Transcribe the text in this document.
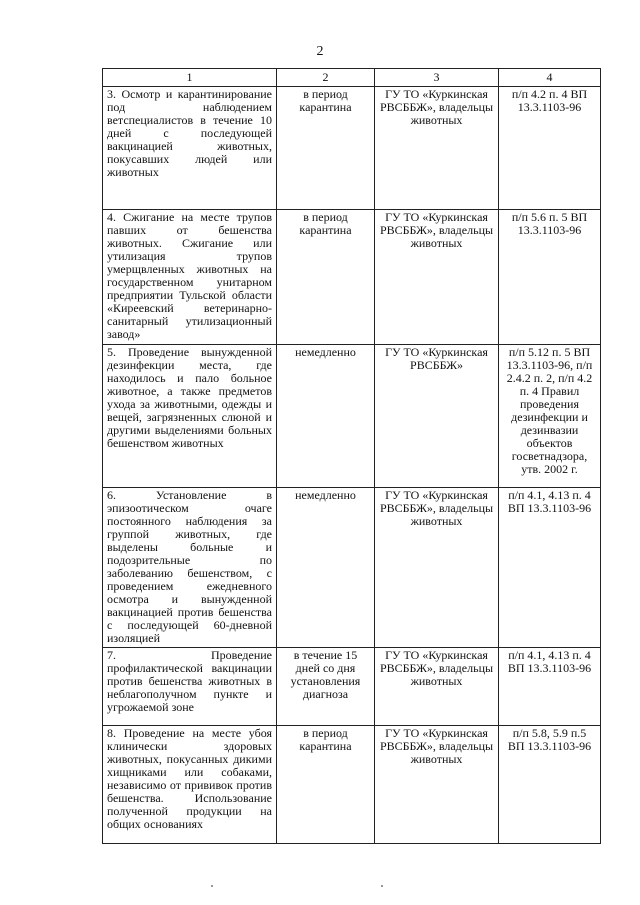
2
1	2	3	4
3. Осмотр и карантинирование под наблюдением ветспециалистов в течение 10 дней с последующей вакцинацией животных, покусавших людей или животных	в период карантина	ГУ ТО «Куркинская РВСББЖ», владельцы животных	п/п 4.2 п. 4 ВП 13.3.1103-96
4. Сжигание на месте трупов павших от бешенства животных. Сжигание или утилизация трупов умерщвленных животных на государственном унитарном предприятии Тульской области «Киреевский ветеринарно-санитарный утилизационный завод»	в период карантина	ГУ ТО «Куркинская РВСББЖ», владельцы животных	п/п 5.6 п. 5 ВП 13.3.1103-96
5. Проведение вынужденной дезинфекции места, где находилось и пало больное животное, а также предметов ухода за животными, одежды и вещей, загрязненных слюной и другими выделениями больных бешенством животных	немедленно	ГУ ТО «Куркинская РВСББЖ»	п/п 5.12 п. 5 ВП 13.3.1103-96, п/п 2.4.2 п. 2, п/п 4.2 п. 4 Правил проведения дезинфекции и дезинвазии объектов госветнадзора, утв. 2002 г.
6. Установление в эпизоотическом очаге постоянного наблюдения за группой животных, где выделены больные и подозрительные по заболеванию бешенством, с проведением ежедневного осмотра и вынужденной вакцинацией против бешенства с последующей 60-дневной изоляцией	немедленно	ГУ ТО «Куркинская РВСББЖ», владельцы животных	п/п 4.1, 4.13 п. 4 ВП 13.3.1103-96
7. Проведение профилактической вакцинации против бешенства животных в неблагополучном пункте и угрожаемой зоне	в течение 15 дней со дня установления диагноза	ГУ ТО «Куркинская РВСББЖ», владельцы животных	п/п 4.1, 4.13 п. 4 ВП 13.3.1103-96
8. Проведение на месте убоя клинически здоровых животных, покусанных дикими хищниками или собаками, независимо от прививок против бешенства. Использование полученной продукции на общих основаниях	в период карантина	ГУ ТО «Куркинская РВСББЖ», владельцы животных	п/п 5.8, 5.9 п.5 ВП 13.3.1103-96
